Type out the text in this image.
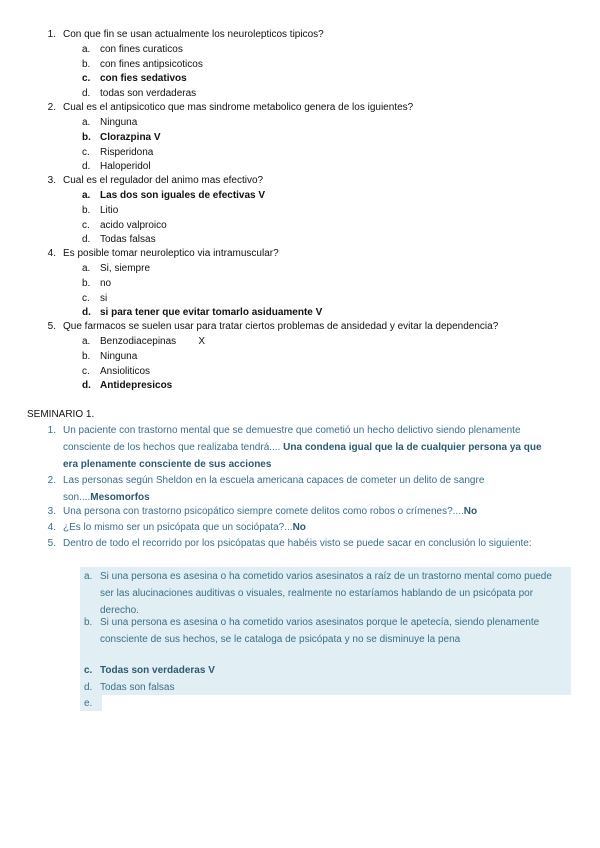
1. Con que fin se usan actualmente los neurolepticos tipicos?
a. con fines curaticos
b. con fines antipsicoticos
c. con fies sedativos
d. todas son verdaderas
2. Cual es el antipsicotico que mas sindrome metabolico genera de los iguientes?
a. Ninguna
b. Clorazpina V
c. Risperidona
d. Haloperidol
3. Cual es el regulador del animo mas efectivo?
a. Las dos son iguales de efectivas V
b. Litio
c. acido valproico
d. Todas falsas
4. Es posible tomar neuroleptico via intramuscular?
a. Si, siempre
b. no
c. si
d. si para tener que evitar tomarlo asiduamente V
5. Que farmacos se suelen usar para tratar ciertos problemas de ansidedad y evitar la dependencia?
a. Benzodiacepinas        X
b. Ninguna
c. Ansioliticos
d. Antidepresicos
SEMINARIO 1.
1. Un paciente con trastorno mental que se demuestre que cometió un hecho delictivo siendo plenamente consciente de los hechos que realizaba tendrá.... Una condena igual que la de cualquier persona ya que era plenamente consciente de sus acciones
2. Las personas según Sheldon en la escuela americana capaces de cometer un delito de sangre son....Mesomorfos
3. Una persona con trastorno psicopático siempre comete delitos como robos o crímenes?....No
4. ¿Es lo mismo ser un psicópata que un sociópata?...No
5. Dentro de todo el recorrido por los psicópatas que habéis visto se puede sacar en conclusión lo siguiente:
a. Si una persona es asesina o ha cometido varios asesinatos a raíz de un trastorno mental como puede ser las alucinaciones auditivas o visuales, realmente no estaríamos hablando de un psicópata por derecho.
b. Si una persona es asesina o ha cometido varios asesinatos porque le apetecía, siendo plenamente consciente de sus hechos, se le cataloga de psicópata y no se disminuye la pena
c. Todas son verdaderas V
d. Todas son falsas
e.
